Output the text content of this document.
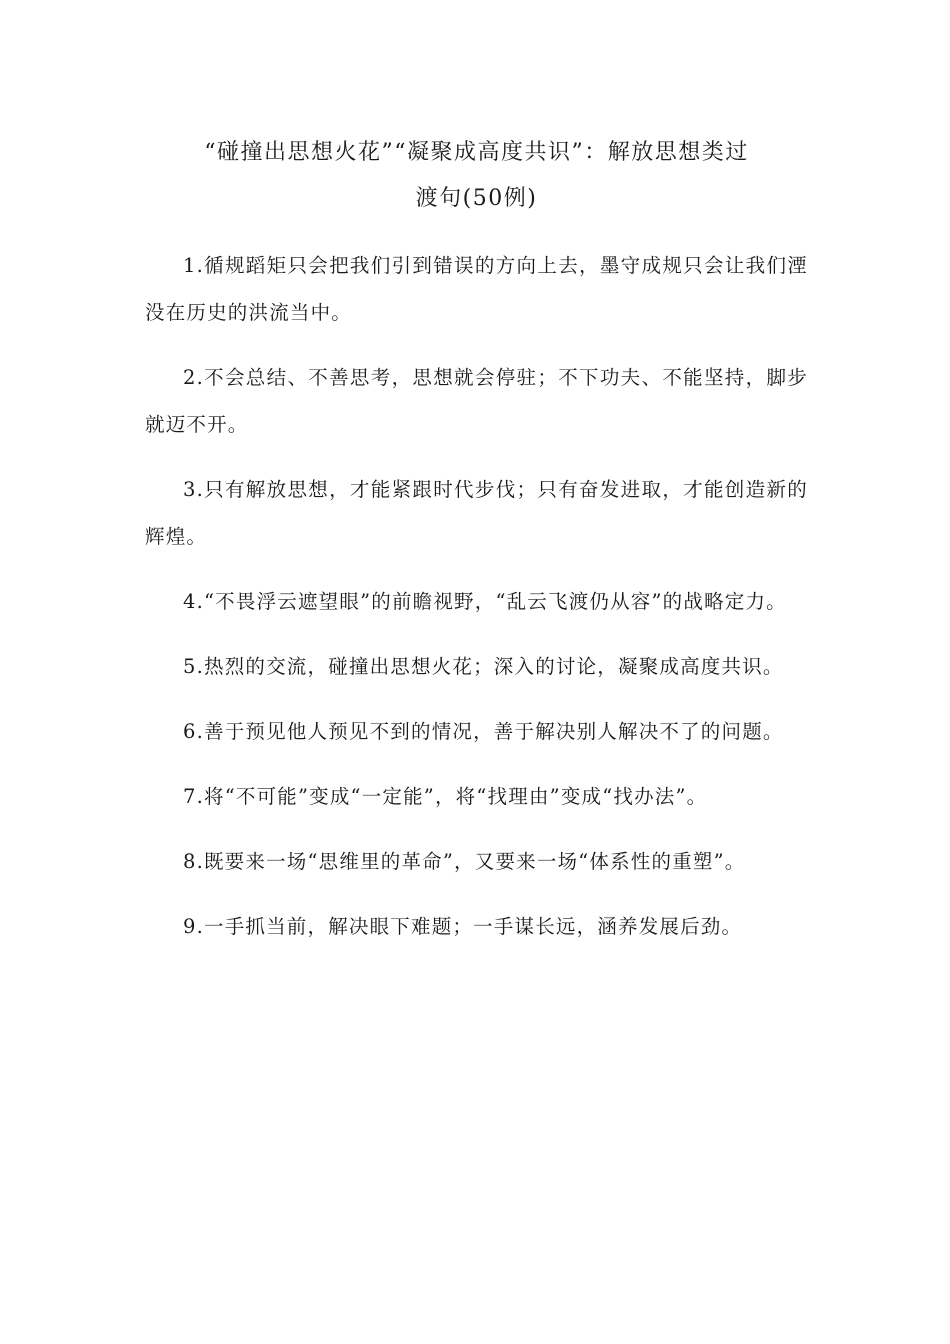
“碰撞出思想火花”“凝聚成高度共识”：解放思想类过
渡句(50例)

1.循规蹈矩只会把我们引到错误的方向上去，墨守成规只会让我们湮没在历史的洪流当中。

2.不会总结、不善思考，思想就会停驻；不下功夫、不能坚持，脚步就迈不开。

3.只有解放思想，才能紧跟时代步伐；只有奋发进取，才能创造新的辉煌。

4.“不畏浮云遮望眼”的前瞻视野，“乱云飞渡仍从容”的战略定力。

5.热烈的交流，碰撞出思想火花；深入的讨论，凝聚成高度共识。

6.善于预见他人预见不到的情况，善于解决别人解决不了的问题。

7.将“不可能”变成“一定能”，将“找理由”变成“找办法”。

8.既要来一场“思维里的革命”，又要来一场“体系性的重塑”。

9.一手抓当前，解决眼下难题；一手谋长远，涵养发展后劲。
